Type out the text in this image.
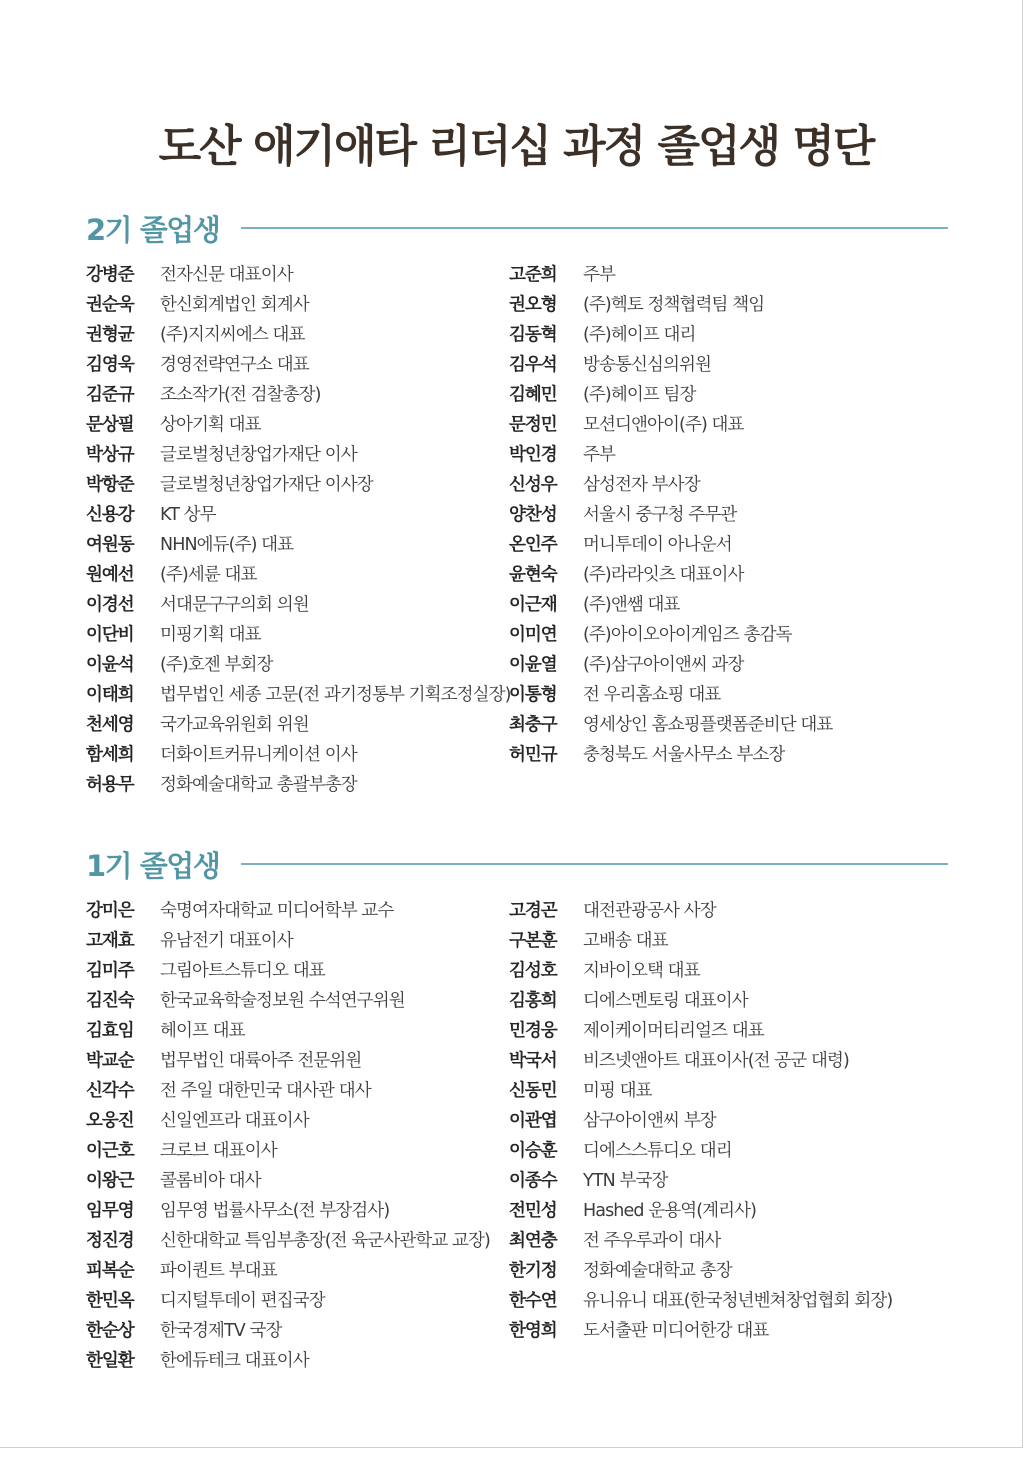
도산 애기애타 리더십 과정 졸업생 명단
2기 졸업생
강병준	전자신문 대표이사
권순욱	한신회계법인 회계사
권형균	(주)지지씨에스 대표
김영욱	경영전략연구소 대표
김준규	조소작가(전 검찰총장)
문상필	상아기획 대표
박상규	글로벌청년창업가재단 이사
박항준	글로벌청년창업가재단 이사장
신용강	KT 상무
여원동	NHN에듀(주) 대표
원예선	(주)세륜 대표
이경선	서대문구구의회 의원
이단비	미핑기획 대표
이윤석	(주)호젠 부회장
이태희	법무법인 세종 고문(전 과기정통부 기획조정실장)
천세영	국가교육위원회 위원
함세희	더화이트커뮤니케이션 이사
허용무	정화예술대학교 총괄부총장
고준희	주부
권오형	(주)헥토 정책협력팀 책임
김동혁	(주)헤이프 대리
김우석	방송통신심의위원
김혜민	(주)헤이프 팀장
문정민	모션디앤아이(주) 대표
박인경	주부
신성우	삼성전자 부사장
양찬성	서울시 중구청 주무관
온인주	머니투데이 아나운서
윤현숙	(주)라라잇츠 대표이사
이근재	(주)앤쌤 대표
이미연	(주)아이오아이게임즈 총감독
이윤열	(주)삼구아이앤씨 과장
이통형	전 우리홈쇼핑 대표
최충구	영세상인 홈쇼핑플랫폼준비단 대표
허민규	충청북도 서울사무소 부소장
1기 졸업생
강미은	숙명여자대학교 미디어학부 교수
고재효	유남전기 대표이사
김미주	그림아트스튜디오 대표
김진숙	한국교육학술정보원 수석연구위원
김효임	헤이프 대표
박교순	법무법인 대륙아주 전문위원
신각수	전 주일 대한민국 대사관 대사
오웅진	신일엔프라 대표이사
이근호	크로브 대표이사
이왕근	콜롬비아 대사
임무영	임무영 법률사무소(전 부장검사)
정진경	신한대학교 특임부총장(전 육군사관학교 교장)
피복순	파이퀀트 부대표
한민옥	디지털투데이 편집국장
한순상	한국경제TV 국장
한일환	한에듀테크 대표이사
고경곤	대전관광공사 사장
구본훈	고배송 대표
김성호	지바이오택 대표
김홍희	디에스멘토링 대표이사
민경웅	제이케이머티리얼즈 대표
박국서	비즈넷앤아트 대표이사(전 공군 대령)
신동민	미핑 대표
이관엽	삼구아이앤씨 부장
이승훈	디에스스튜디오 대리
이종수	YTN 부국장
전민성	Hashed 운용역(계리사)
최연충	전 주우루과이 대사
한기정	정화예술대학교 총장
한수연	유니유니 대표(한국청년벤쳐창업협회 회장)
한영희	도서출판 미디어한강 대표
